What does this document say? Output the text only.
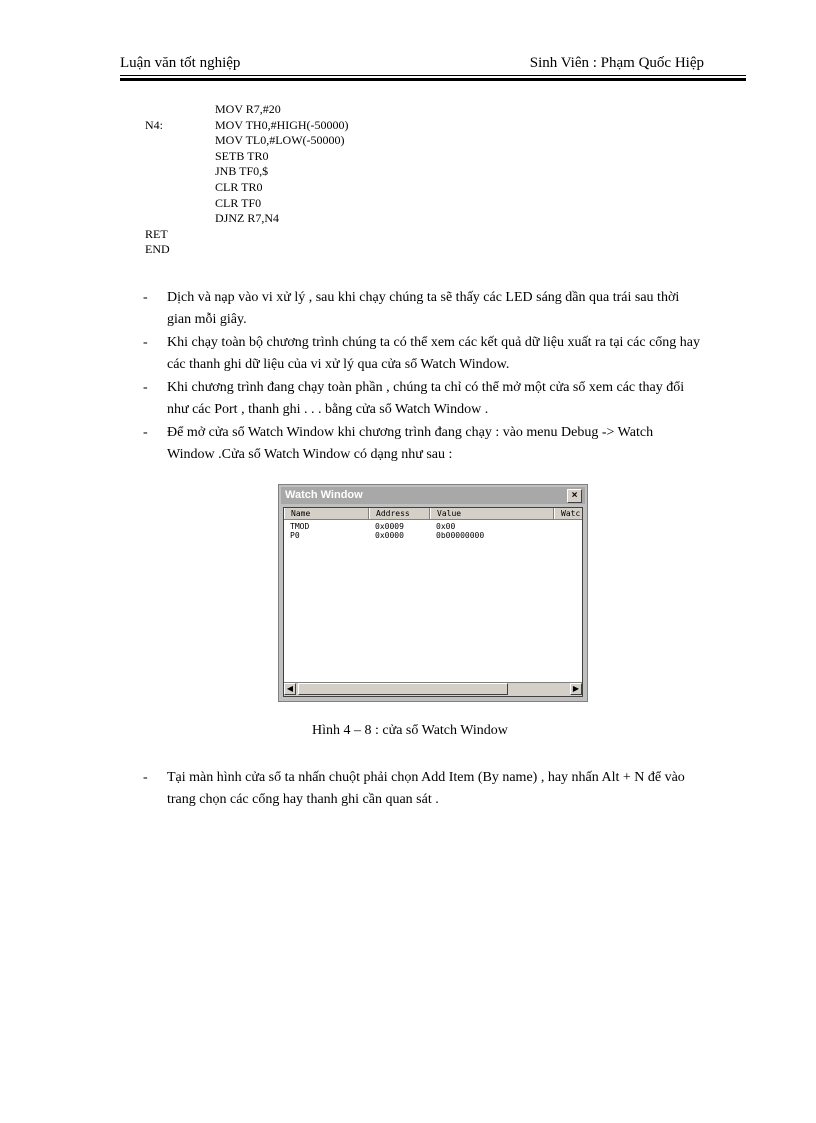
Luận văn tốt nghiệp	Sinh Viên : Phạm Quốc Hiệp
MOV R7,#20
N4:	MOV TH0,#HIGH(-50000)
MOV TL0,#LOW(-50000)
SETB TR0
JNB TF0,$
CLR TR0
CLR TF0
DJNZ R7,N4
RET
END
- Dịch và nạp vào vi xử lý , sau khi chạy chúng ta sẽ thấy các LED sáng dần qua trái sau thời gian mỗi giây.
- Khi chạy toàn bộ chương trình chúng ta có thể xem các kết quả dữ liệu xuất ra tại các cổng hay các thanh ghi dữ liệu của vi xử lý qua cửa sổ Watch Window.
- Khi chương trình đang chạy toàn phần , chúng ta chỉ có thể mở một cửa sổ xem các thay đổi như các Port , thanh ghi . . . bằng cửa sổ Watch Window .
- Để mở cửa sổ Watch Window khi chương trình đang chạy : vào menu Debug -> Watch Window .Cửa sổ Watch Window có dạng như sau :
Watch Window	×
Name	Address	Value	Watc
TMOD	0x0009	0x00
P0	0x0000	0b00000000
◀	▶
Hình 4 – 8 : cửa sổ Watch Window
- Tại màn hình cửa sổ ta nhấn chuột phải chọn Add Item (By name) , hay nhấn Alt + N để vào trang chọn các cổng hay thanh ghi cần quan sát .
